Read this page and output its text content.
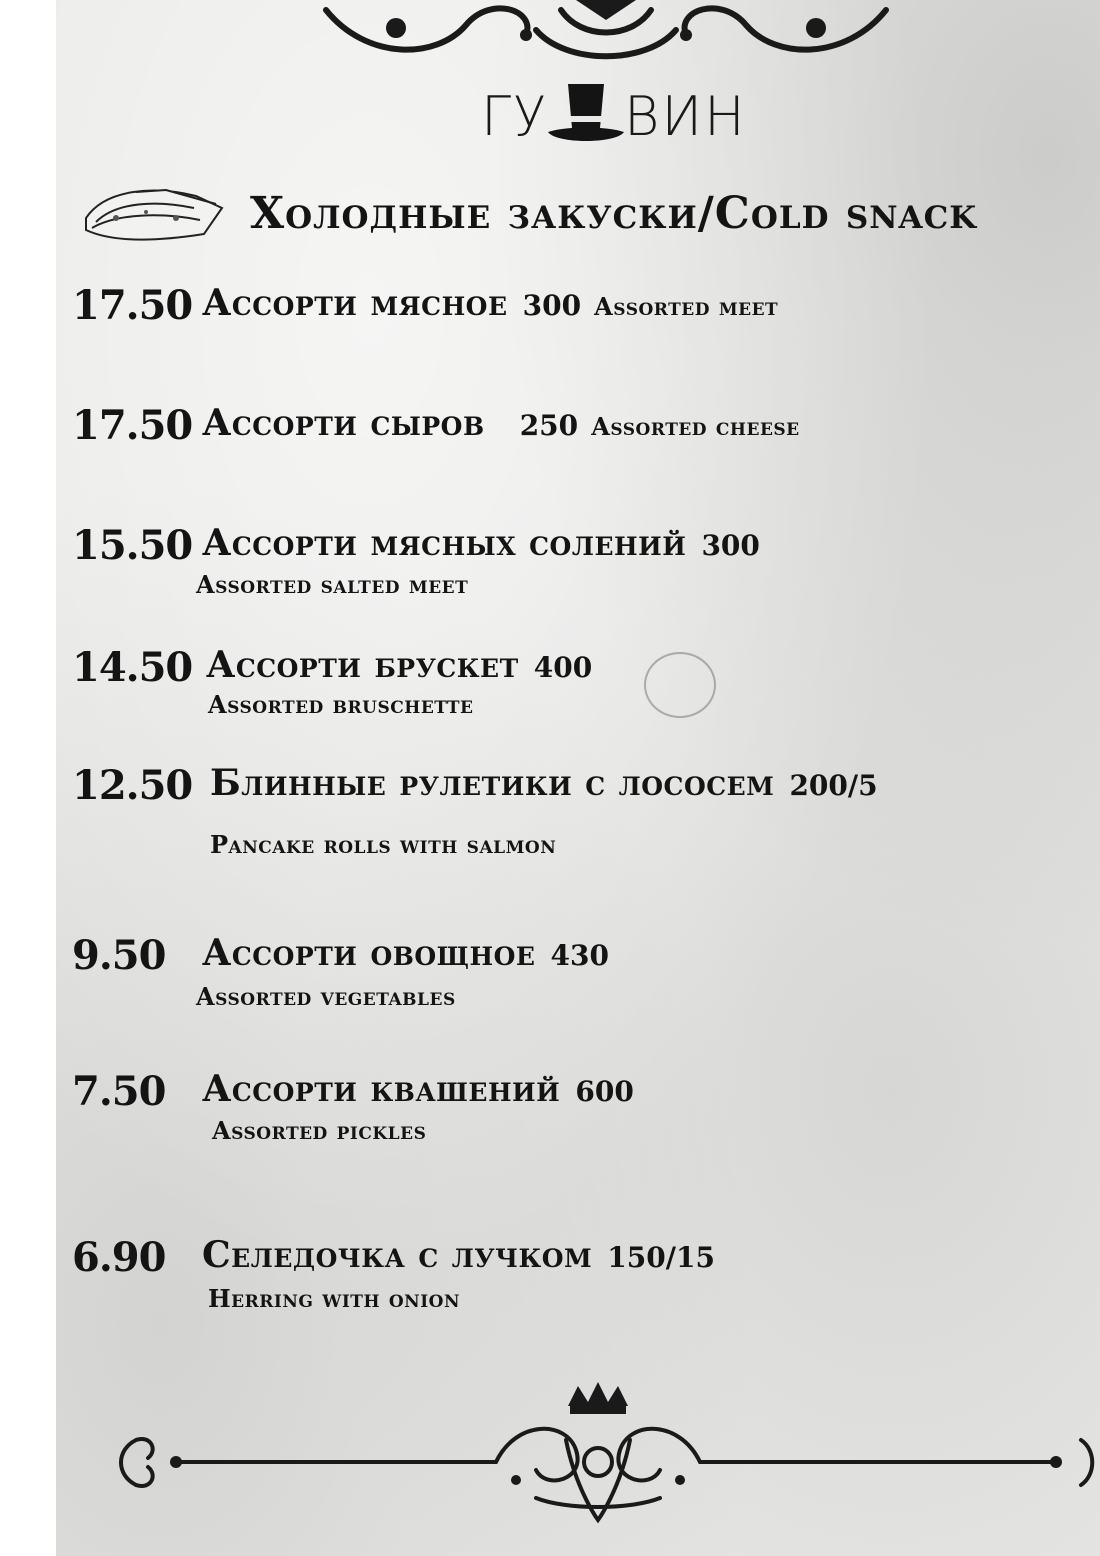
ГУ ВИН
Холодные закуски/Cold snack
17.50 Ассорти мясное 300 Assorted meet
17.50 Ассорти сыров 250 Assorted cheese
15.50 Ассорти мясных солений 300
Assorted salted meet
14.50 Ассорти брускет 400
Assorted bruschette
12.50 Блинные рулетики с лососем 200/5
Pancake rolls with salmon
9.50 Ассорти овощное 430
Assorted vegetables
7.50 Ассорти квашений 600
Assorted pickles
6.90 Селедочка с лучком 150/15
Herring with onion
